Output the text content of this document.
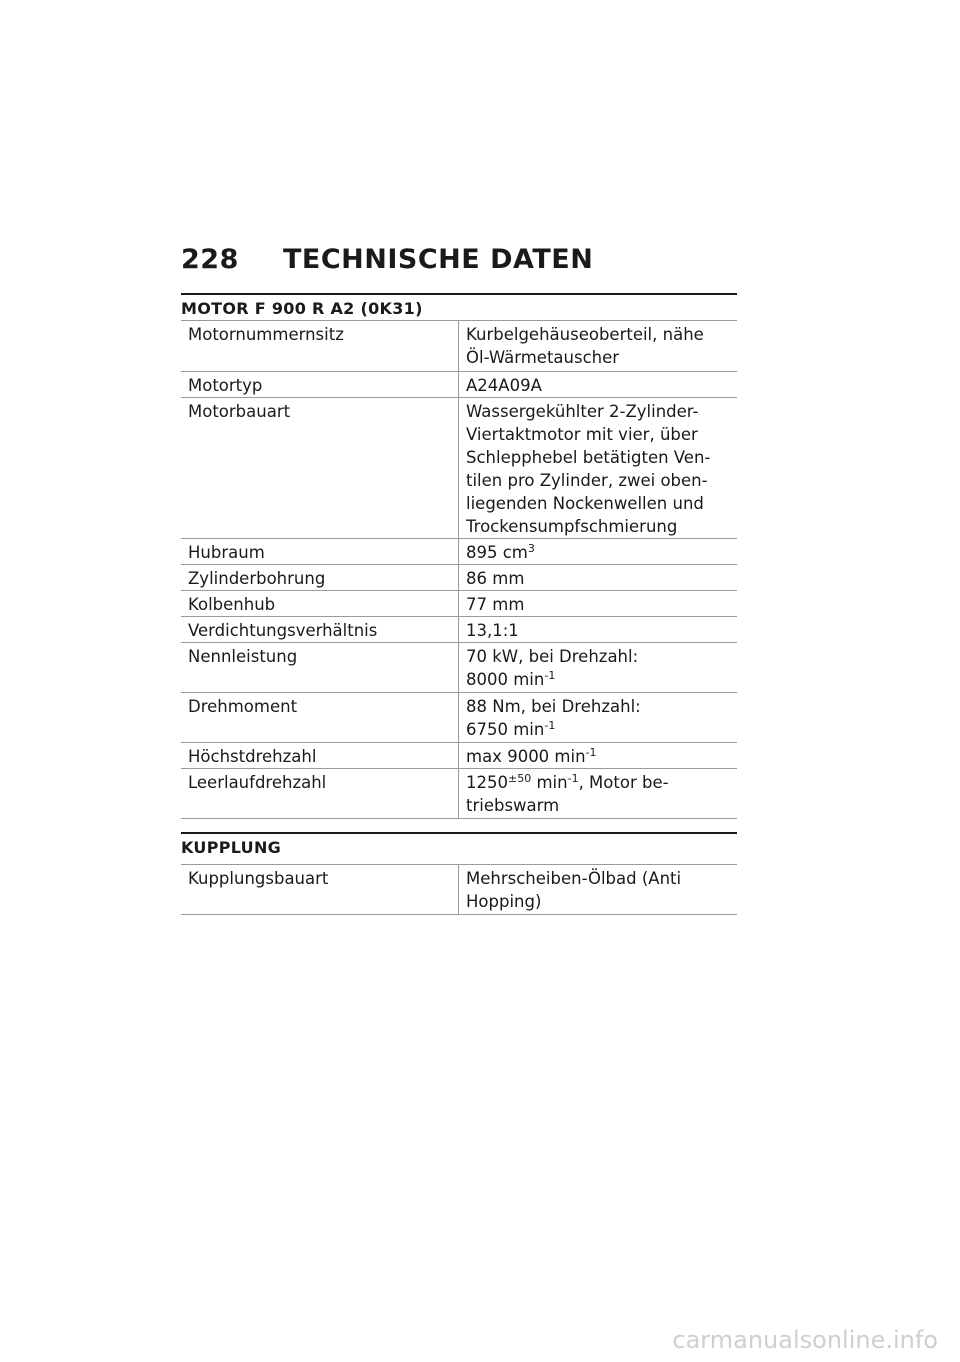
228 TECHNISCHE DATEN
MOTOR F 900 R A2 (0K31)
Motornummernsitz	Kurbelgehäuseoberteil, nähe
Öl-Wärmetauscher
Motortyp	A24A09A
Motorbauart	Wassergekühlter 2-Zylinder-
Viertaktmotor mit vier, über
Schlepphebel betätigten Ven-
tilen pro Zylinder, zwei oben-
liegenden Nockenwellen und
Trockensumpfschmierung
Hubraum	895 $cm^3$
Zylinderbohrung	86 mm
Kolbenhub	77 mm
Verdichtungsverhältnis	13,1:1
Nennleistung	70 kW, bei Drehzahl:
8000 $\min^{-1}$
Drehmoment	88 Nm, bei Drehzahl:
6750 $\min^{-1}$
Höchstdrehzahl	max 9000 $\min^{-1}$
Leerlaufdrehzahl	$1250^{\pm 50}$ $\min^{-1}$, Motor be-
triebswarm
KUPPLUNG
Kupplungsbauart	Mehrscheiben-Ölbad (Anti
Hopping)
carmanualsonline.info
